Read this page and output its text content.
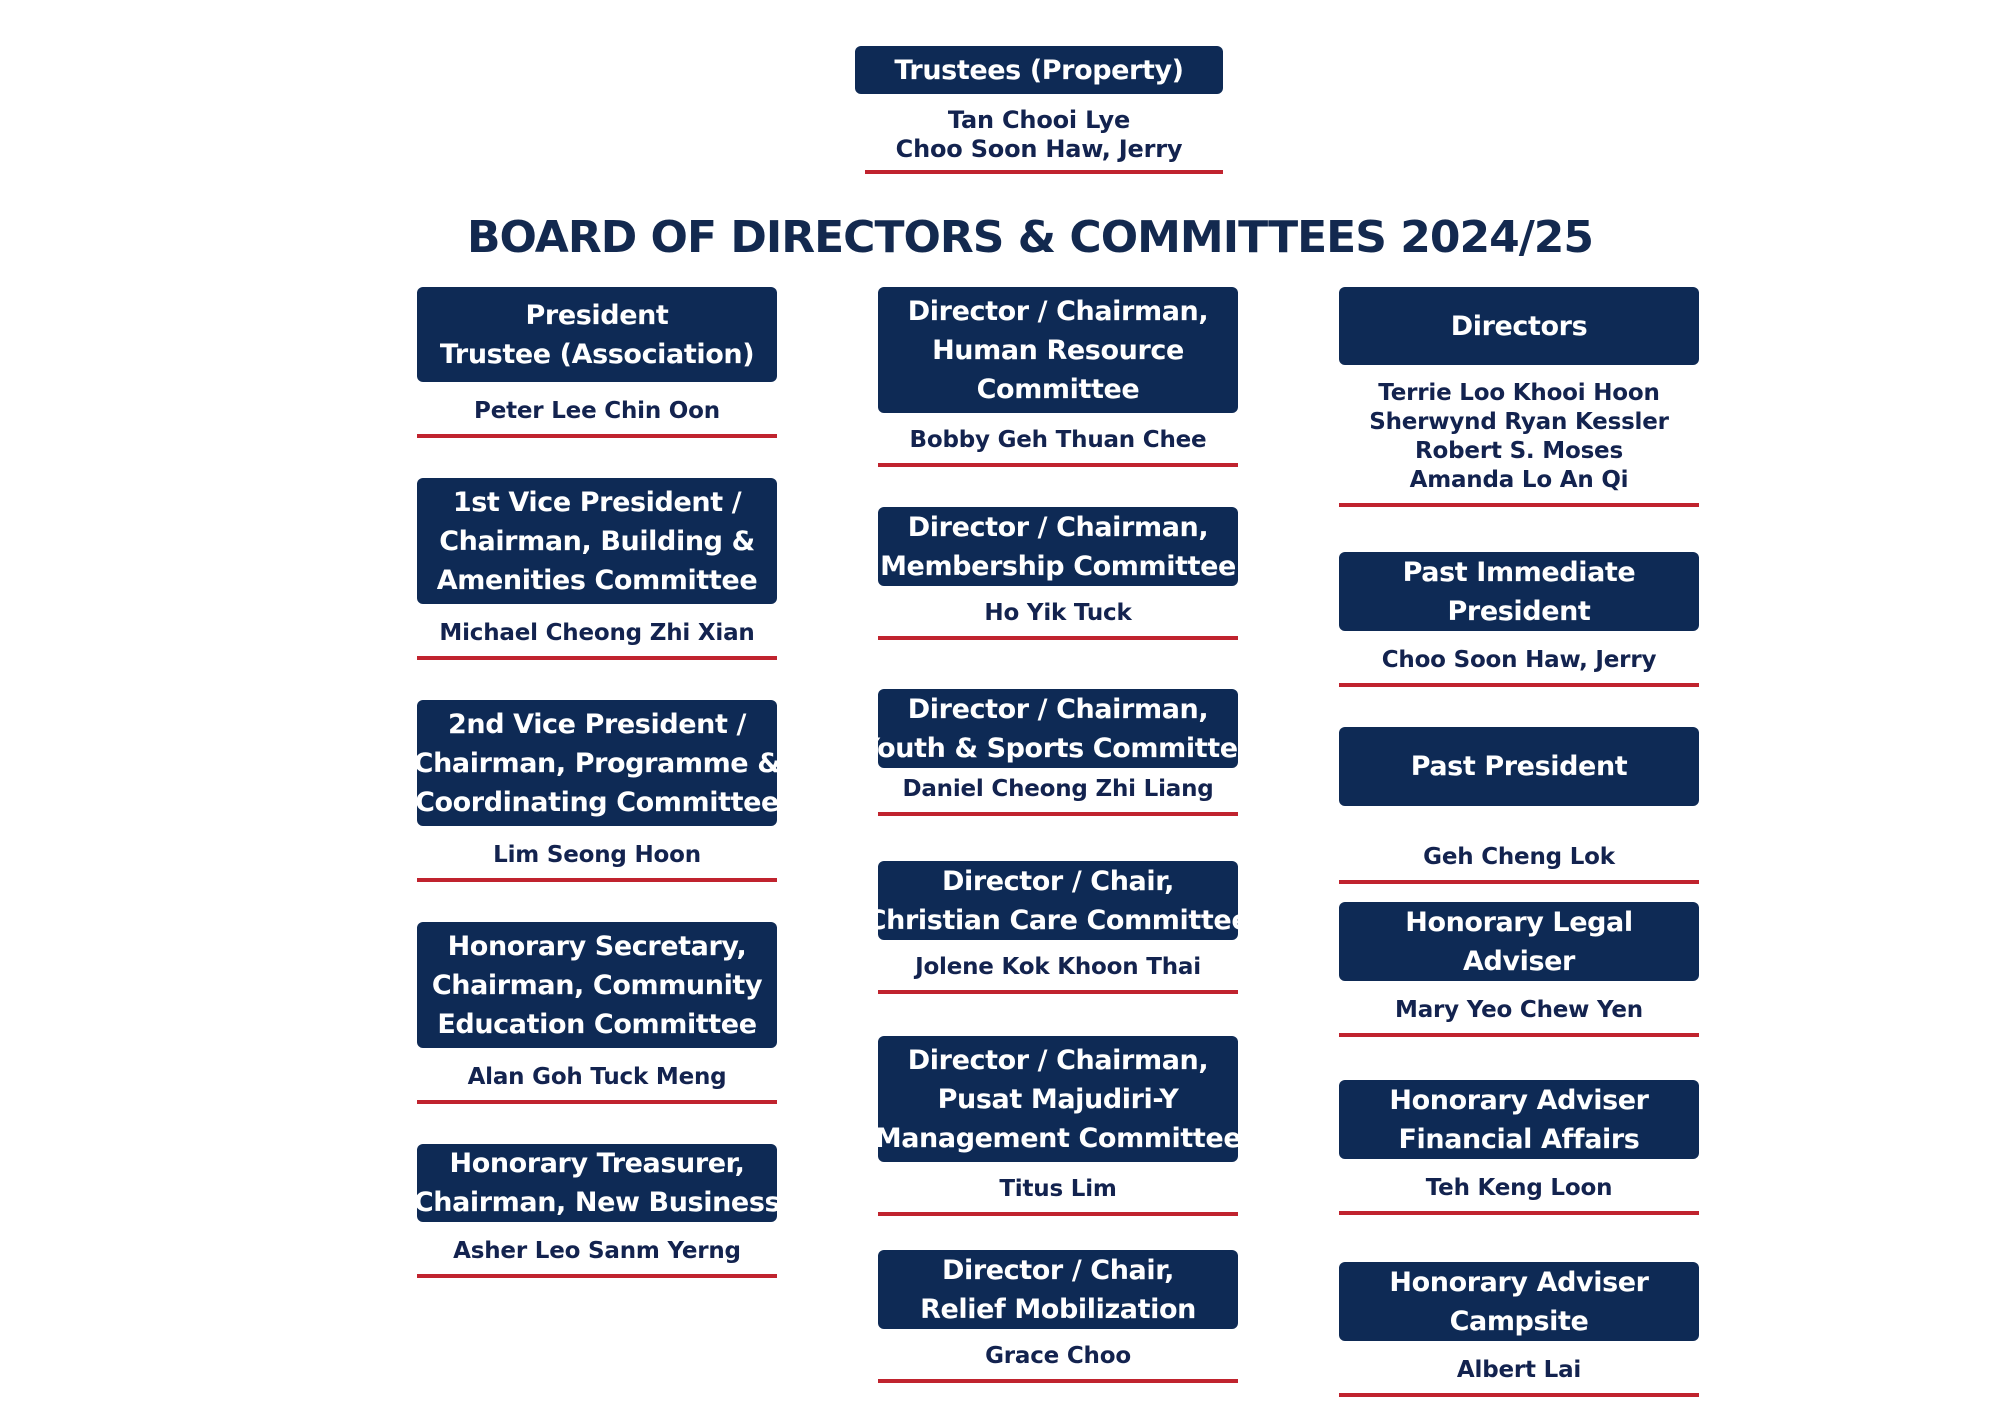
Trustees (Property)
Tan Chooi Lye
Choo Soon Haw, Jerry
BOARD OF DIRECTORS & COMMITTEES 2024/25
President
Trustee (Association)
Peter Lee Chin Oon
1st Vice President /
Chairman, Building &
Amenities Committee
Michael Cheong Zhi Xian
2nd Vice President /
Chairman, Programme &
Coordinating Committee
Lim Seong Hoon
Honorary Secretary,
Chairman, Community
Education Committee
Alan Goh Tuck Meng
Honorary Treasurer,
Chairman, New Business
Asher Leo Sanm Yerng
Director / Chairman,
Human Resource
Committee
Bobby Geh Thuan Chee
Director / Chairman,
Membership Committee
Ho Yik Tuck
Director / Chairman,
Youth & Sports Committee
Daniel Cheong Zhi Liang
Director / Chair,
Christian Care Committee
Jolene Kok Khoon Thai
Director / Chairman,
Pusat Majudiri-Y
Management Committee
Titus Lim
Director / Chair,
Relief Mobilization
Grace Choo
Directors
Terrie Loo Khooi Hoon
Sherwynd Ryan Kessler
Robert S. Moses
Amanda Lo An Qi
Past Immediate
President
Choo Soon Haw, Jerry
Past President
Geh Cheng Lok
Honorary Legal
Adviser
Mary Yeo Chew Yen
Honorary Adviser
Financial Affairs
Teh Keng Loon
Honorary Adviser
Campsite
Albert Lai
